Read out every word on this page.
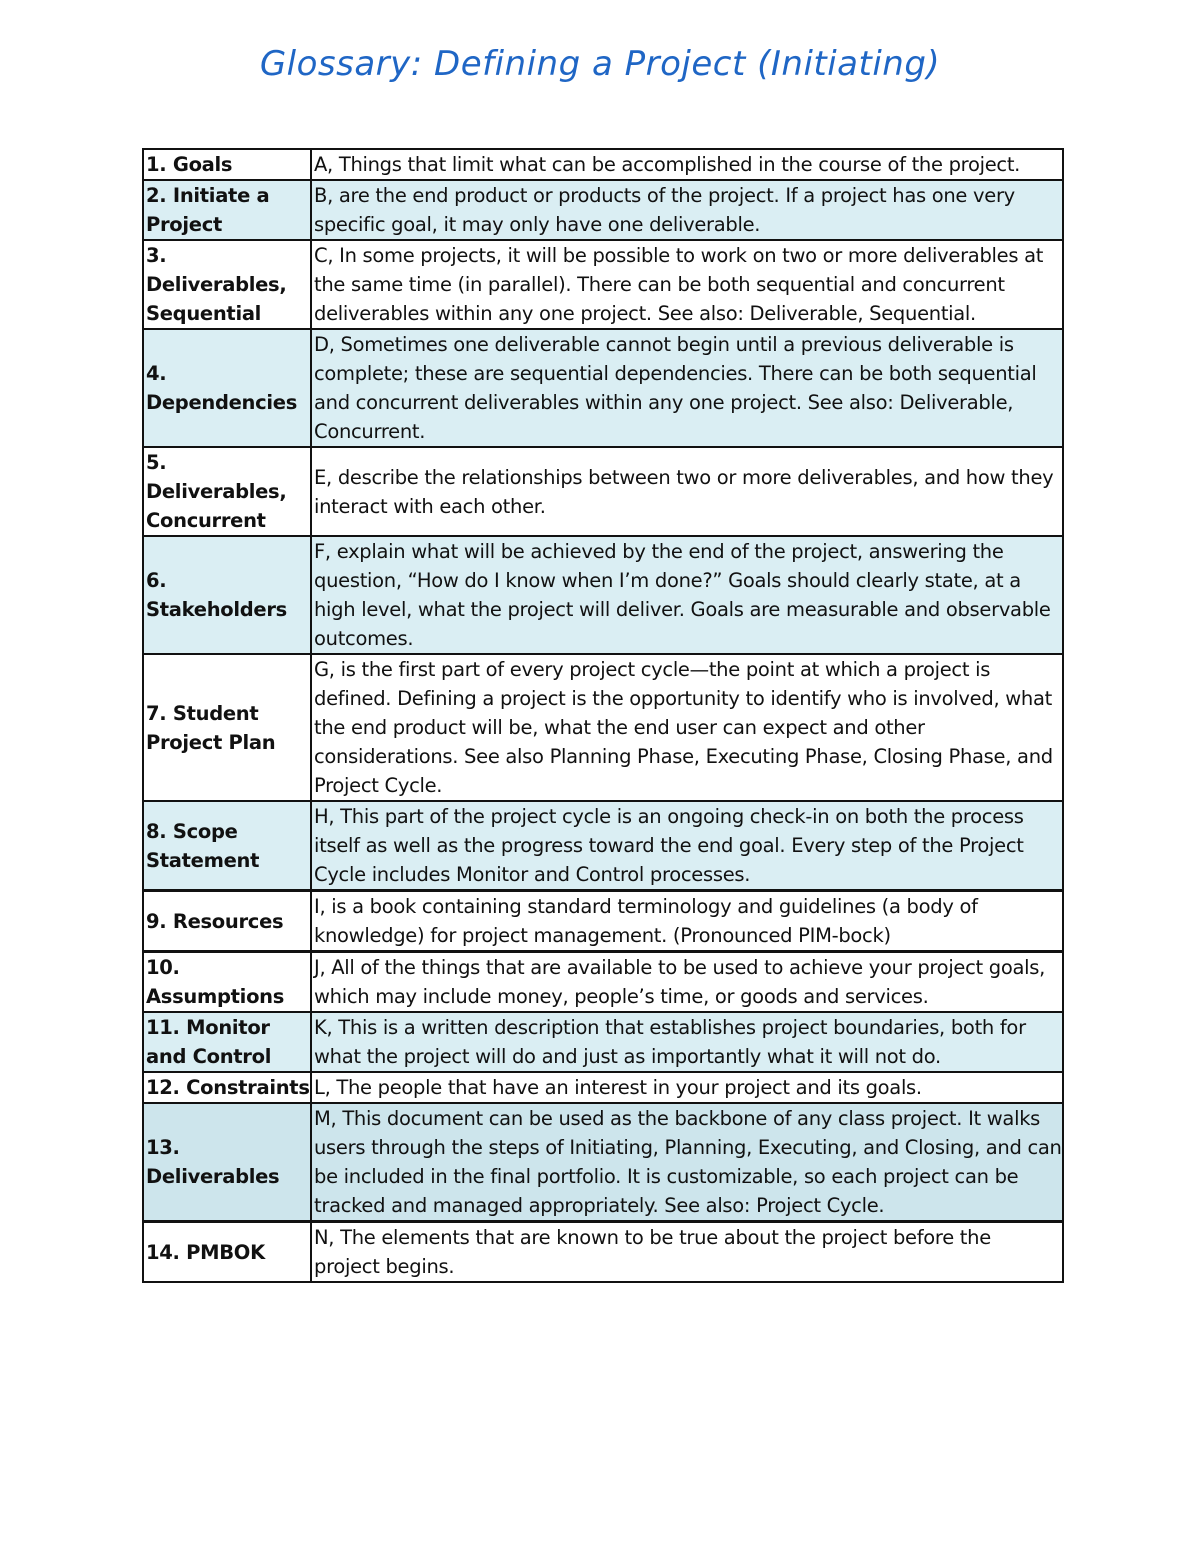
Glossary: Defining a Project (Initiating)
1. Goals	A, Things that limit what can be accomplished in the course of the project.
2. Initiate a Project	B, are the end product or products of the project. If a project has one very specific goal, it may only have one deliverable.
3. Deliverables, Sequential	C, In some projects, it will be possible to work on two or more deliverables at the same time (in parallel). There can be both sequential and concurrent deliverables within any one project. See also: Deliverable, Sequential.
4. Dependencies	D, Sometimes one deliverable cannot begin until a previous deliverable is complete; these are sequential dependencies. There can be both sequential and concurrent deliverables within any one project. See also: Deliverable, Concurrent.
5. Deliverables, Concurrent	E, describe the relationships between two or more deliverables, and how they interact with each other.
6. Stakeholders	F, explain what will be achieved by the end of the project, answering the question, “How do I know when I’m done?” Goals should clearly state, at a high level, what the project will deliver. Goals are measurable and observable outcomes.
7. Student Project Plan	G, is the first part of every project cycle—the point at which a project is defined. Defining a project is the opportunity to identify who is involved, what the end product will be, what the end user can expect and other considerations. See also Planning Phase, Executing Phase, Closing Phase, and Project Cycle.
8. Scope Statement	H, This part of the project cycle is an ongoing check-in on both the process itself as well as the progress toward the end goal. Every step of the Project Cycle includes Monitor and Control processes.
9. Resources	I, is a book containing standard terminology and guidelines (a body of knowledge) for project management. (Pronounced PIM-bock)
10. Assumptions	J, All of the things that are available to be used to achieve your project goals, which may include money, people’s time, or goods and services.
11. Monitor and Control	K, This is a written description that establishes project boundaries, both for what the project will do and just as importantly what it will not do.
12. Constraints	L, The people that have an interest in your project and its goals.
13. Deliverables	M, This document can be used as the backbone of any class project. It walks users through the steps of Initiating, Planning, Executing, and Closing, and can be included in the final portfolio. It is customizable, so each project can be tracked and managed appropriately. See also: Project Cycle.
14. PMBOK	N, The elements that are known to be true about the project before the project begins.
